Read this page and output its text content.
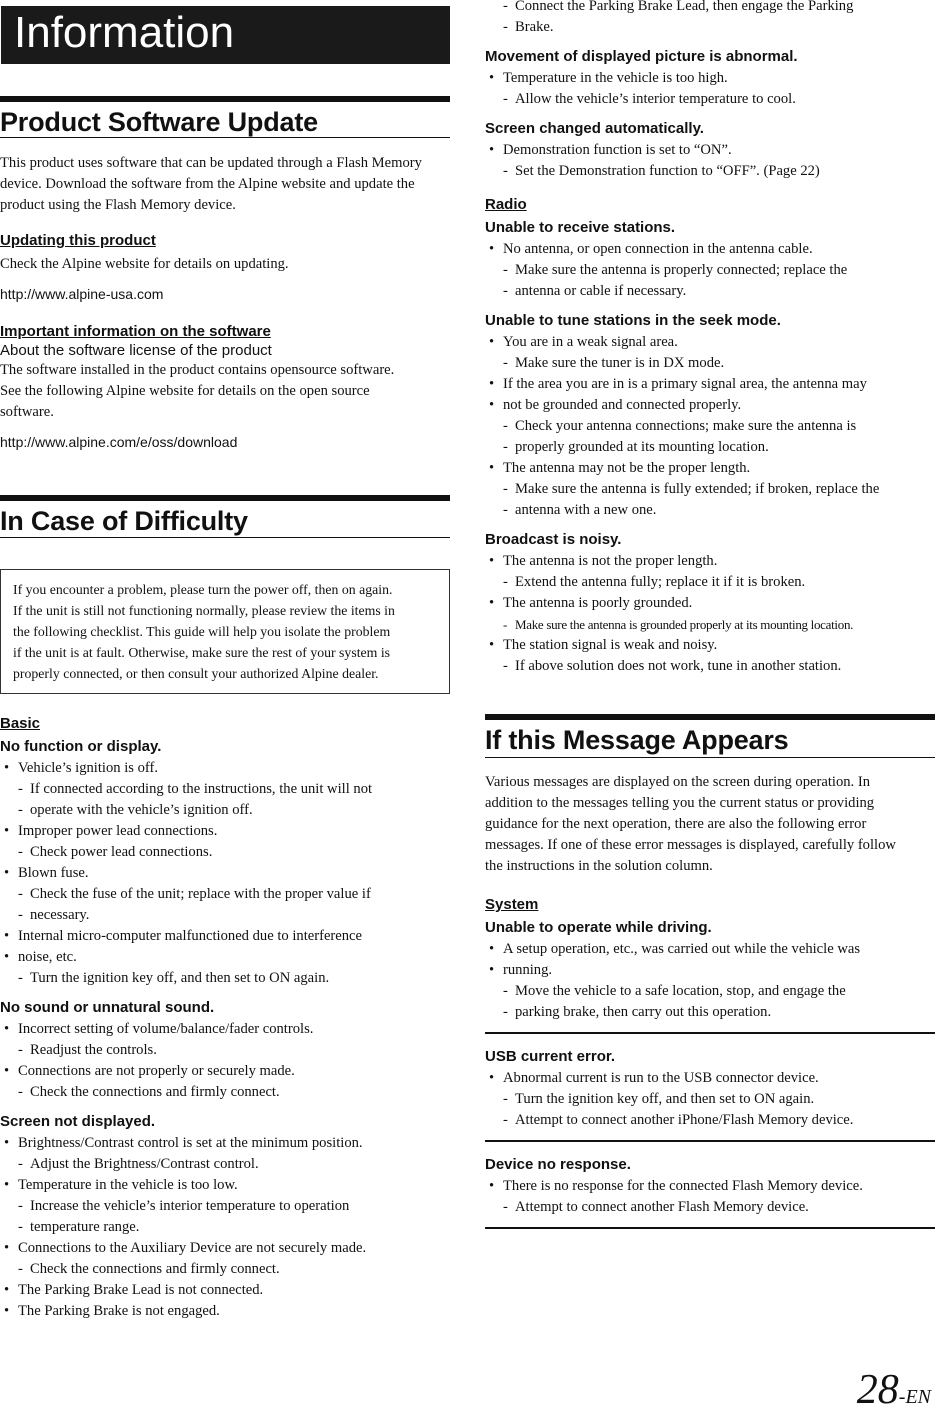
Information
Product Software Update

This product uses software that can be updated through a Flash Memory

device. Download the software from the Alpine website and update the

product using the Flash Memory device.

Updating this product

Check the Alpine website for details on updating.

http://www.alpine-usa.com
Important information on the software
About the software license of the product

The software installed in the product contains opensource software.

See the following Alpine website for details on the open source

software.

http://www.alpine.com/e/oss/download
In Case of Difficulty

If you encounter a problem, please turn the power off, then on again.

If the unit is still not functioning normally, please review the items in

the following checklist. This guide will help you isolate the problem

if the unit is at fault. Otherwise, make sure the rest of your system is

properly connected, or then consult your authorized Alpine dealer.

Basic
No function or display.
• Vehicle’s ignition is off.
- If connected according to the instructions, the unit will not
- operate with the vehicle’s ignition off.
• Improper power lead connections.
- Check power lead connections.
• Blown fuse.
- Check the fuse of the unit; replace with the proper value if
- necessary.
• Internal micro-computer malfunctioned due to interference
• noise, etc.
- Turn the ignition key off, and then set to ON again.
No sound or unnatural sound.
• Incorrect setting of volume/balance/fader controls.
- Readjust the controls.
• Connections are not properly or securely made.
- Check the connections and firmly connect.
Screen not displayed.
• Brightness/Contrast control is set at the minimum position.
- Adjust the Brightness/Contrast control.
• Temperature in the vehicle is too low.
- Increase the vehicle’s interior temperature to operation
- temperature range.
• Connections to the Auxiliary Device are not securely made.
- Check the connections and firmly connect.
• The Parking Brake Lead is not connected.
• The Parking Brake is not engaged.
- Connect the Parking Brake Lead, then engage the Parking
- Brake.
Movement of displayed picture is abnormal.
• Temperature in the vehicle is too high.
- Allow the vehicle’s interior temperature to cool.
Screen changed automatically.
• Demonstration function is set to “ON”.
- Set the Demonstration function to “OFF”. (Page 22)
Radio
Unable to receive stations.
• No antenna, or open connection in the antenna cable.
- Make sure the antenna is properly connected; replace the
- antenna or cable if necessary.
Unable to tune stations in the seek mode.
• You are in a weak signal area.
- Make sure the tuner is in DX mode.
• If the area you are in is a primary signal area, the antenna may
• not be grounded and connected properly.
- Check your antenna connections; make sure the antenna is
- properly grounded at its mounting location.
• The antenna may not be the proper length.
- Make sure the antenna is fully extended; if broken, replace the
- antenna with a new one.
Broadcast is noisy.
• The antenna is not the proper length.
- Extend the antenna fully; replace it if it is broken.
• The antenna is poorly grounded.
- Make sure the antenna is grounded properly at its mounting location.
• The station signal is weak and noisy.
- If above solution does not work, tune in another station.
If this Message Appears

Various messages are displayed on the screen during operation. In

addition to the messages telling you the current status or providing

guidance for the next operation, there are also the following error

messages. If one of these error messages is displayed, carefully follow

the instructions in the solution column.

System
Unable to operate while driving.
• A setup operation, etc., was carried out while the vehicle was
• running.
- Move the vehicle to a safe location, stop, and engage the
- parking brake, then carry out this operation.
USB current error.
• Abnormal current is run to the USB connector device.
- Turn the ignition key off, and then set to ON again.
- Attempt to connect another iPhone/Flash Memory device.
Device no response.
• There is no response for the connected Flash Memory device.
- Attempt to connect another Flash Memory device.
28-EN
